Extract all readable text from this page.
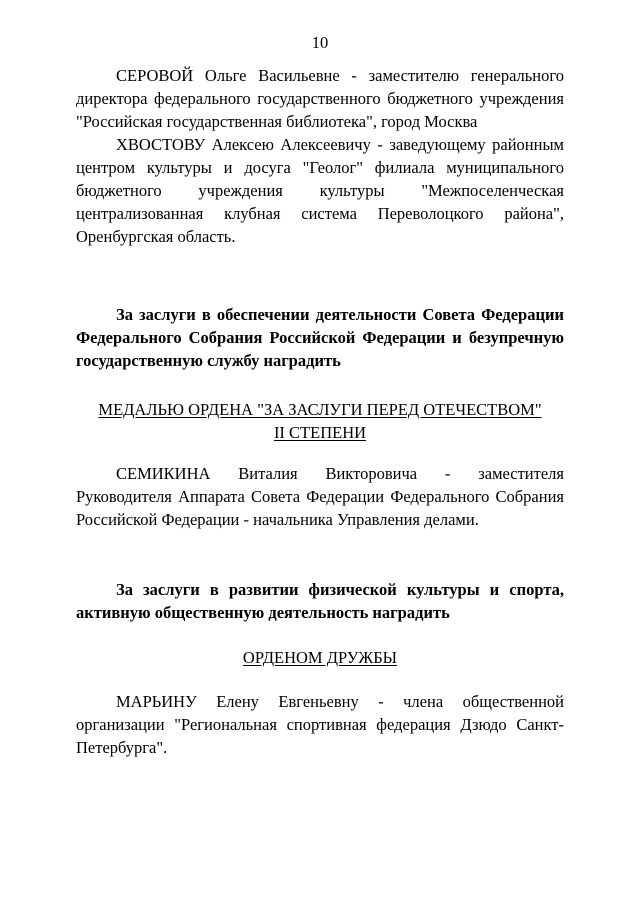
10

СЕРОВОЙ Ольге Васильевне - заместителю генерального директора федерального государственного бюджетного учреждения "Российская государственная библиотека", город Москва

ХВОСТОВУ Алексею Алексеевичу - заведующему районным центром культуры и досуга "Геолог" филиала муниципального бюджетного учреждения культуры "Межпоселенческая централизованная клубная система Переволоцкого района", Оренбургская область.

За заслуги в обеспечении деятельности Совета Федерации Федерального Собрания Российской Федерации и безупречную государственную службу наградить

МЕДАЛЬЮ ОРДЕНА "ЗА ЗАСЛУГИ ПЕРЕД ОТЕЧЕСТВОМ"

II СТЕПЕНИ

СЕМИКИНА Виталия Викторовича - заместителя Руководителя Аппарата Совета Федерации Федерального Собрания Российской Федерации - начальника Управления делами.

За заслуги в развитии физической культуры и спорта, активную общественную деятельность наградить

ОРДЕНОМ ДРУЖБЫ

МАРЬИНУ Елену Евгеньевну - члена общественной организации "Региональная спортивная федерация Дзюдо Санкт-Петербурга".
